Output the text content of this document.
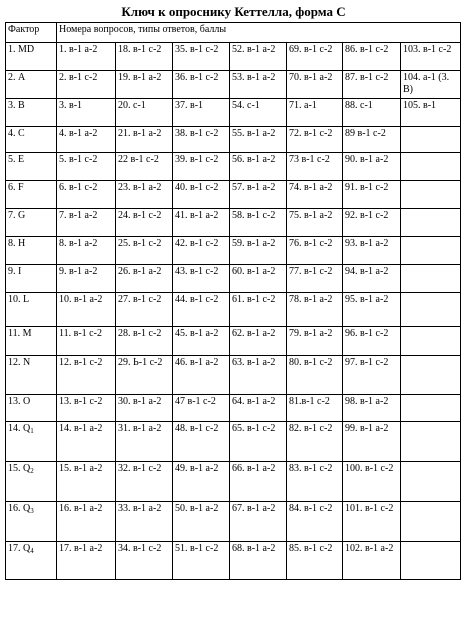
Ключ к опроснику Кеттелла, форма С
Фактор	Номера вопросов, типы ответов, баллы						
1. MD	1. в-1 а-2	18. в-1 с-2	35. в-1 с-2	52. в-1 а-2	69. в-1 с-2	86. в-1 с-2	103. в-1 с-2
2. А	2. в-1 с-2	19. в-1 а-2	36. в-1 с-2	53. в-1 а-2	70. в-1 а-2	87. в-1 с-2	104. а-1 (3. В)
3. В	3. в-1	20. с-1	37. в-1	54. с-1	71. а-1	88. с-1	105. в-1
4. С	4. в-1 а-2	21. в-1 а-2	38. в-1 с-2	55. в-1 а-2	72. в-1 с-2	89 в-1 с-2	
5. Е	5. в-1 с-2	22 в-1 с-2	39. в-1 с-2	56. в-1 а-2	73 в-1 с-2	90. в-1 а-2	
6. F	6. в-1 с-2	23. в-1 а-2	40. в-1 с-2	57. в-1 а-2	74. в-1 а-2	91. в-1 с-2	
7. G	7. в-1 а-2	24. в-1 с-2	41. в-1 а-2	58. в-1 с-2	75. в-1 а-2	92. в-1 с-2	
8. Н	8. в-1 а-2	25. в-1 с-2	42. в-1 с-2	59. в-1 а-2	76. в-1 с-2	93. в-1 а-2	
9. I	9. в-1 а-2	26. в-1 а-2	43. в-1 с-2	60. в-1 а-2	77. в-1 с-2	94. в-1 а-2	
10. L	10. в-1 а-2	27. в-1 с-2	44. в-1 с-2	61. в-1 с-2	78. в-1 а-2	95. в-1 а-2	
11. М	11. в-1 с-2	28. в-1 с-2	45. в-1 а-2	62. в-1 а-2	79. в-1 а-2	96. в-1 с-2	
12. N	12. в-1 с-2	29. Ь-1 с-2	46. в-1 а-2	63. в-1 а-2	80. в-1 с-2	97. в-1 с-2	
13. О	13. в-1 с-2	30. в-1 а-2	47 в-1 с-2	64. в-1 а-2	81.в-1 с-2	98. в-1 а-2	
14. $Q_1$	14. в-1 а-2	31. в-1 а-2	48. в-1 с-2	65. в-1 с-2	82. в-1 с-2	99. в-1 а-2	
15. $Q_2$	15. в-1 а-2	32. в-1 с-2	49. в-1 а-2	66. в-1 а-2	83. в-1 с-2	100. в-1 с-2	
16. $Q_3$	16. в-1 а-2	33. в-1 а-2	50. в-1 а-2	67. в-1 а-2	84. в-1 с-2	101. в-1 с-2	
17. $Q_4$	17. в-1 а-2	34. в-1 с-2	51. в-1 с-2	68. в-1 а-2	85. в-1 с-2	102. в-1 а-2	
